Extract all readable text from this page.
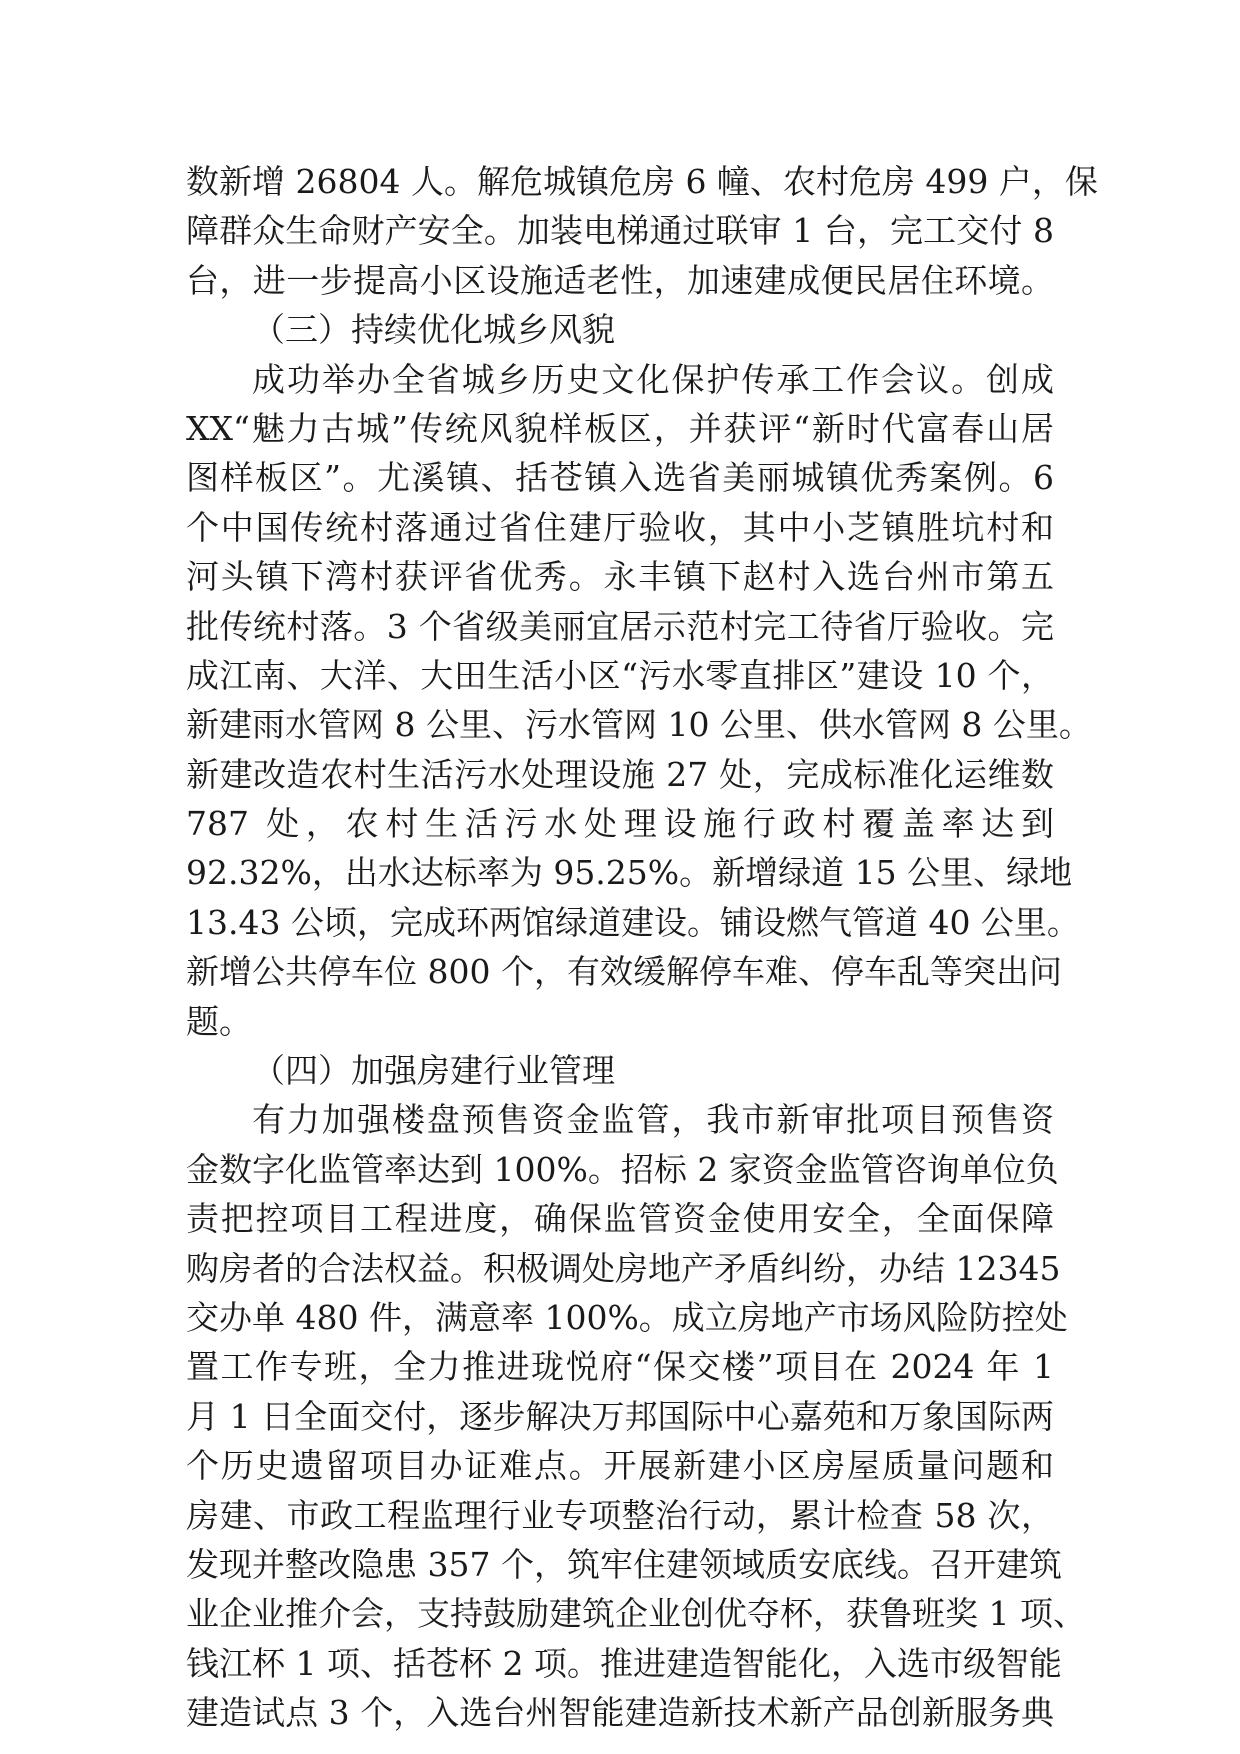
数新增 26804 人。解危城镇危房 6 幢、农村危房 499 户，保
障群众生命财产安全。加装电梯通过联审 1 台，完工交付 8
台，进一步提高小区设施适老性，加速建成便民居住环境。
（三）持续优化城乡风貌
成功举办全省城乡历史文化保护传承工作会议。创成
XX“魅力古城”传统风貌样板区，并获评“新时代富春山居
图样板区”。尤溪镇、括苍镇入选省美丽城镇优秀案例。6
个中国传统村落通过省住建厅验收，其中小芝镇胜坑村和
河头镇下湾村获评省优秀。永丰镇下赵村入选台州市第五
批传统村落。3 个省级美丽宜居示范村完工待省厅验收。完
成江南、大洋、大田生活小区“污水零直排区”建设 10 个，
新建雨水管网 8 公里、污水管网 10 公里、供水管网 8 公里。
新建改造农村生活污水处理设施 27 处，完成标准化运维数
787 处，农村生活污水处理设施行政村覆盖率达到
92.32%，出水达标率为 95.25%。新增绿道 15 公里、绿地
13.43 公顷，完成环两馆绿道建设。铺设燃气管道 40 公里。
新增公共停车位 800 个，有效缓解停车难、停车乱等突出问
题。
（四）加强房建行业管理
有力加强楼盘预售资金监管，我市新审批项目预售资
金数字化监管率达到 100%。招标 2 家资金监管咨询单位负
责把控项目工程进度，确保监管资金使用安全，全面保障
购房者的合法权益。积极调处房地产矛盾纠纷，办结 12345
交办单 480 件，满意率 100%。成立房地产市场风险防控处
置工作专班，全力推进珑悦府“保交楼”项目在 2024 年 1
月 1 日全面交付，逐步解决万邦国际中心嘉苑和万象国际两
个历史遗留项目办证难点。开展新建小区房屋质量问题和
房建、市政工程监理行业专项整治行动，累计检查 58 次，
发现并整改隐患 357 个，筑牢住建领域质安底线。召开建筑
业企业推介会，支持鼓励建筑企业创优夺杯，获鲁班奖 1 项、
钱江杯 1 项、括苍杯 2 项。推进建造智能化，入选市级智能
建造试点 3 个，入选台州智能建造新技术新产品创新服务典
